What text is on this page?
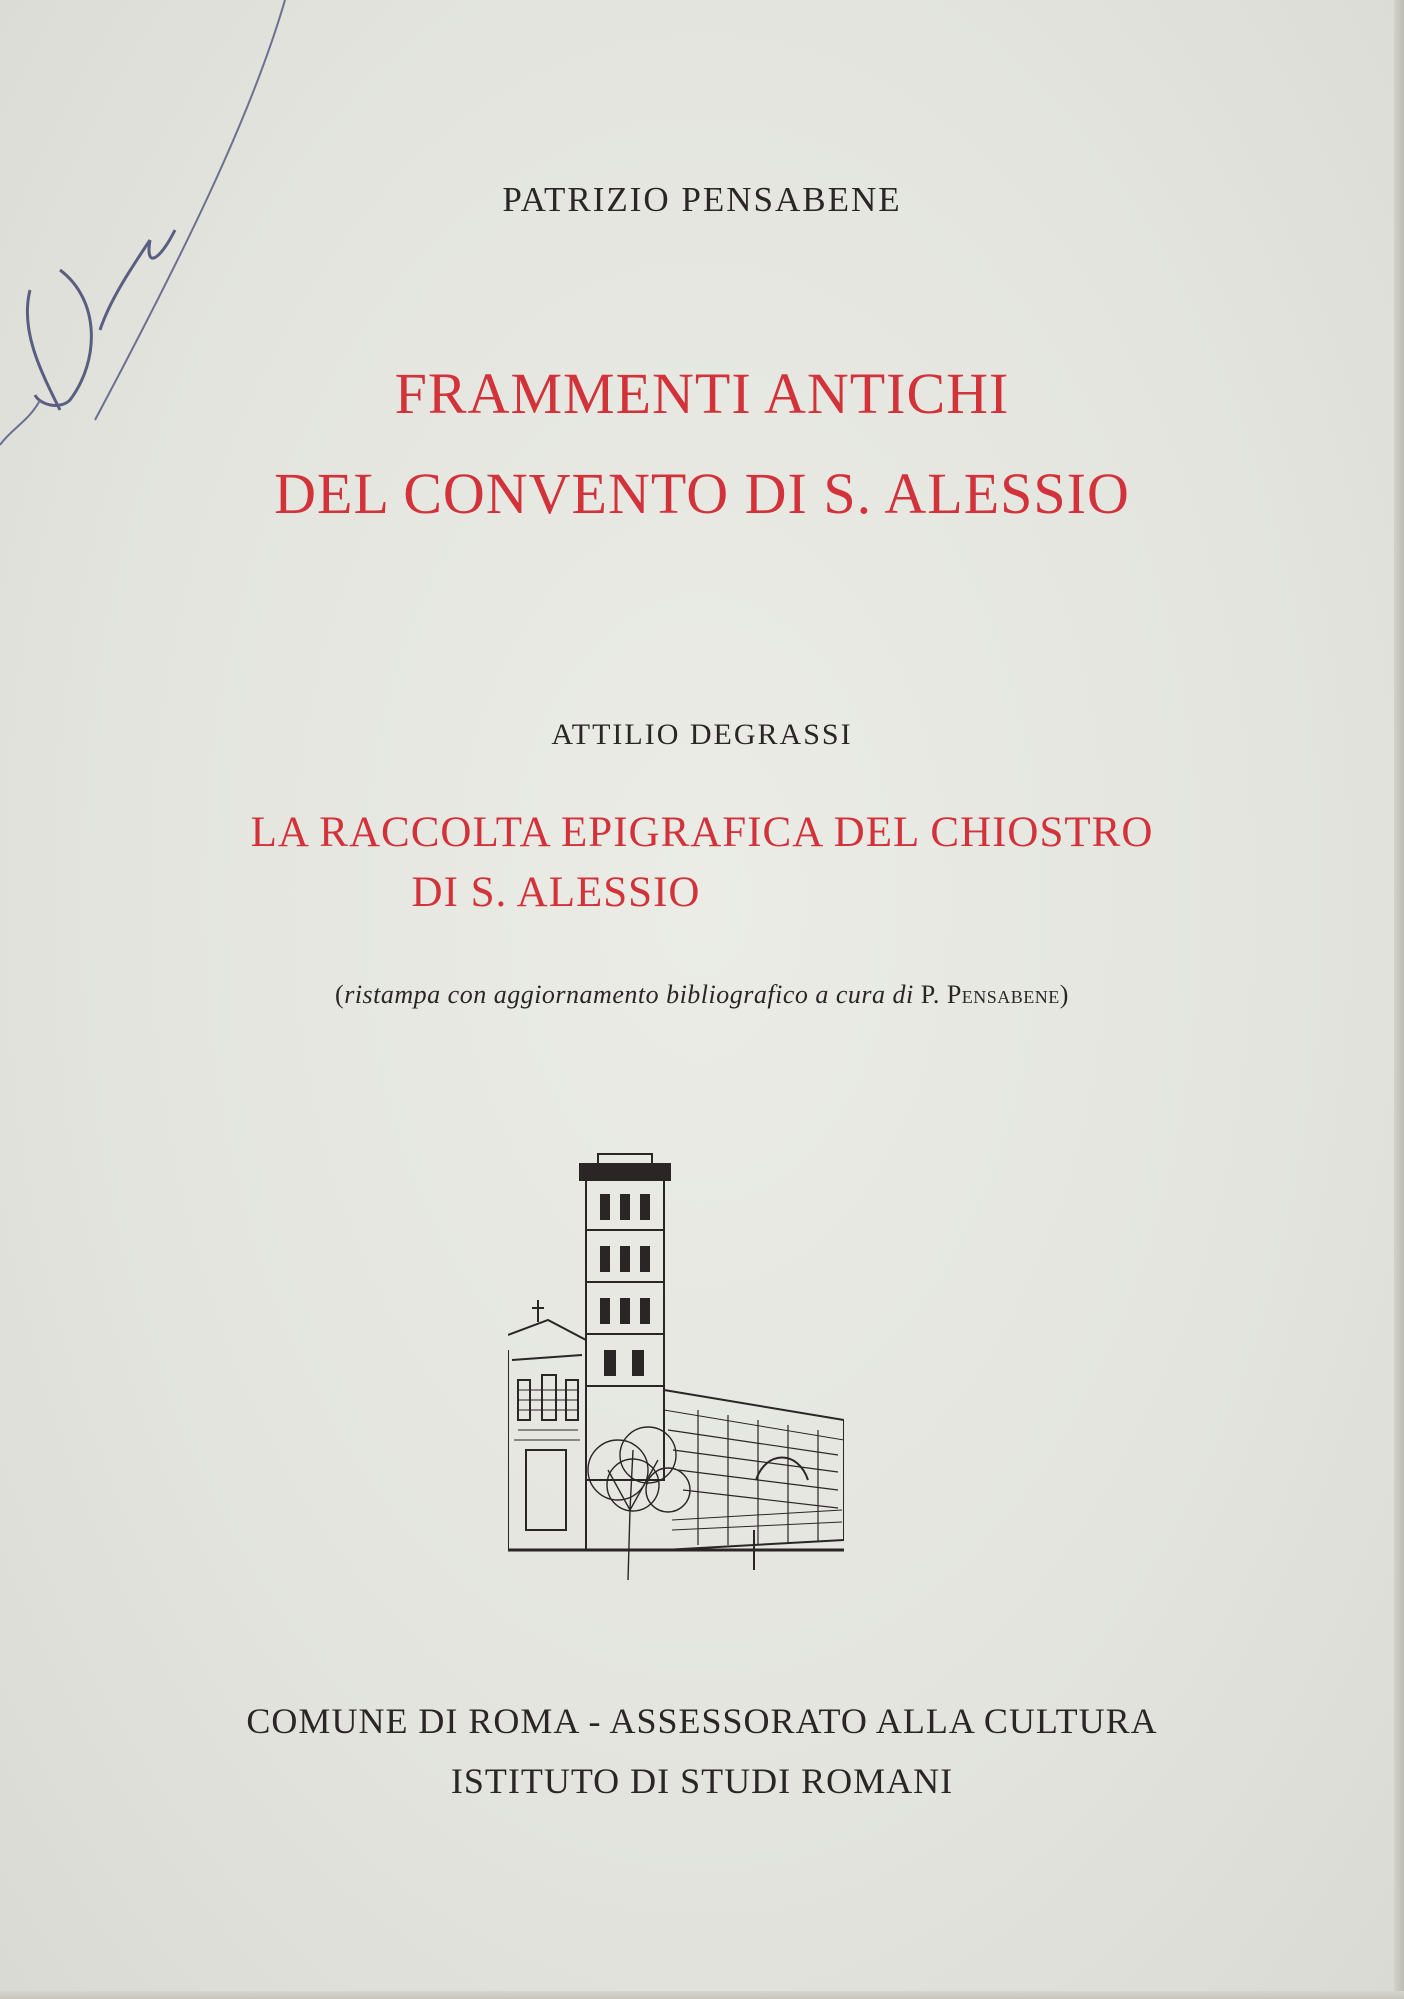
PATRIZIO PENSABENE
FRAMMENTI ANTICHI
DEL CONVENTO DI S. ALESSIO
ATTILIO DEGRASSI
LA RACCOLTA EPIGRAFICA DEL CHIOSTRO
DI S. ALESSIO
(ristampa con aggiornamento bibliografico a cura di P. Pensabene)
COMUNE DI ROMA - ASSESSORATO ALLA CULTURA
ISTITUTO DI STUDI ROMANI
